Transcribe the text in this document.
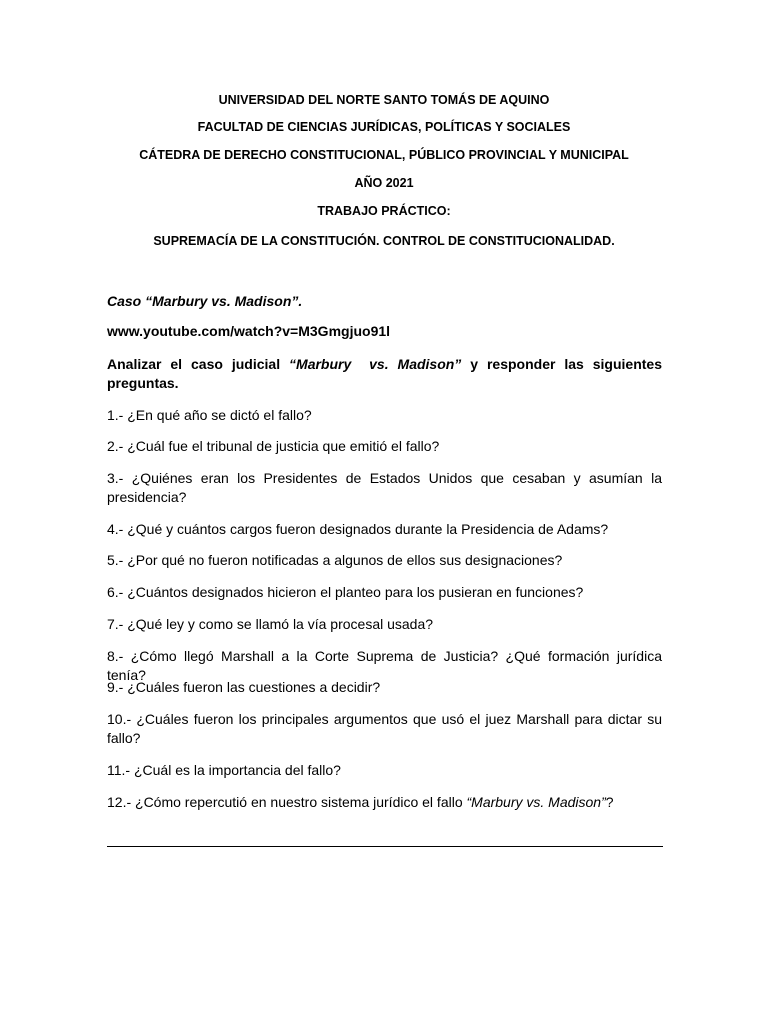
UNIVERSIDAD DEL NORTE SANTO TOMÁS DE AQUINO
FACULTAD DE CIENCIAS JURÍDICAS, POLÍTICAS Y SOCIALES
CÁTEDRA DE DERECHO CONSTITUCIONAL, PÚBLICO PROVINCIAL Y MUNICIPAL
AÑO 2021
TRABAJO PRÁCTICO:
SUPREMACÍA DE LA CONSTITUCIÓN. CONTROL DE CONSTITUCIONALIDAD.
Caso “Marbury vs. Madison”.
www.youtube.com/watch?v=M3Gmgjuo91l
Analizar el caso judicial “Marbury  vs. Madison” y responder las siguientes preguntas.
1.- ¿En qué año se dictó el fallo?
2.- ¿Cuál fue el tribunal de justicia que emitió el fallo?
3.- ¿Quiénes eran los Presidentes de Estados Unidos que cesaban y asumían la presidencia?
4.- ¿Qué y cuántos cargos fueron designados durante la Presidencia de Adams?
5.- ¿Por qué no fueron notificadas a algunos de ellos sus designaciones?
6.- ¿Cuántos designados hicieron el planteo para los pusieran en funciones?
7.- ¿Qué ley y como se llamó la vía procesal usada?
8.- ¿Cómo llegó Marshall a la Corte Suprema de Justicia? ¿Qué formación jurídica tenía?
9.- ¿Cuáles fueron las cuestiones a decidir?
10.- ¿Cuáles fueron los principales argumentos que usó el juez Marshall para dictar su fallo?
11.- ¿Cuál es la importancia del fallo?
12.- ¿Cómo repercutió en nuestro sistema jurídico el fallo “Marbury vs. Madison”?
